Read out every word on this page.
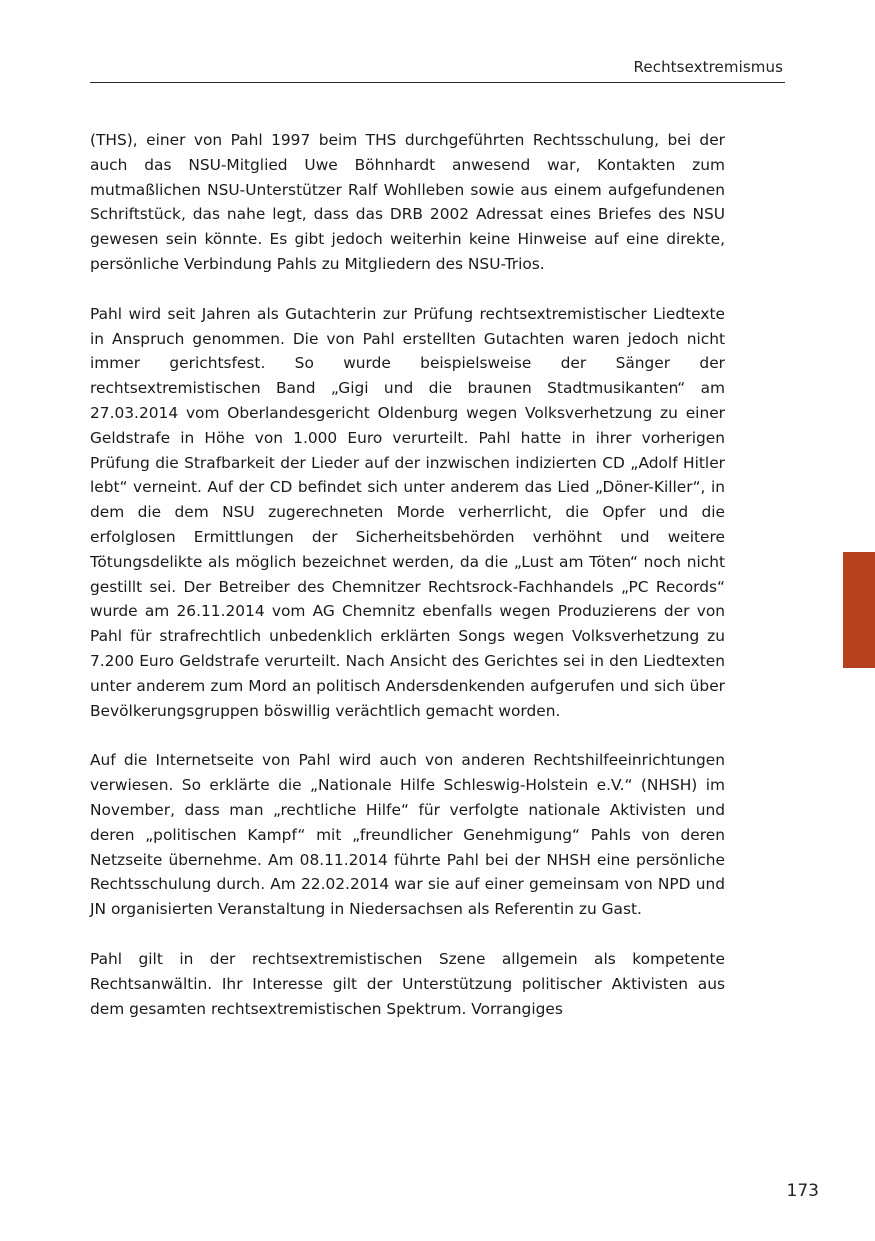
Rechtsextremismus

(THS), einer von Pahl 1997 beim THS durchgeführten Rechtsschulung, bei der auch das NSU-Mitglied Uwe Böhnhardt anwesend war, Kontakten zum mutmaßlichen NSU-Unterstützer Ralf Wohlleben sowie aus einem aufgefundenen Schriftstück, das nahe legt, dass das DRB 2002 Adressat eines Briefes des NSU gewesen sein könnte. Es gibt jedoch weiterhin keine Hinweise auf eine direkte, persönliche Verbindung Pahls zu Mitgliedern des NSU-Trios.

Pahl wird seit Jahren als Gutachterin zur Prüfung rechtsextremistischer Liedtexte in Anspruch genommen. Die von Pahl erstellten Gutachten waren jedoch nicht immer gerichtsfest. So wurde beispielsweise der Sänger der rechtsextremistischen Band „Gigi und die braunen Stadtmusikanten“ am 27.03.2014 vom Oberlandesgericht Oldenburg wegen Volksverhetzung zu einer Geldstrafe in Höhe von 1.000 Euro verurteilt. Pahl hatte in ihrer vorherigen Prüfung die Strafbarkeit der Lieder auf der inzwischen indizierten CD „Adolf Hitler lebt“ verneint. Auf der CD befindet sich unter anderem das Lied „Döner-Killer“, in dem die dem NSU zugerechneten Morde verherrlicht, die Opfer und die erfolglosen Ermittlungen der Sicherheitsbehörden verhöhnt und weitere Tötungsdelikte als möglich bezeichnet werden, da die „Lust am Töten“ noch nicht gestillt sei. Der Betreiber des Chemnitzer Rechtsrock-Fachhandels „PC Records“ wurde am 26.11.2014 vom AG Chemnitz ebenfalls wegen Produzierens der von Pahl für strafrechtlich unbedenklich erklärten Songs wegen Volksverhetzung zu 7.200 Euro Geldstrafe verurteilt. Nach Ansicht des Gerichtes sei in den Liedtexten unter anderem zum Mord an politisch Andersdenkenden aufgerufen und sich über Bevölkerungsgruppen böswillig verächtlich gemacht worden.

Auf die Internetseite von Pahl wird auch von anderen Rechtshilfeeinrichtungen verwiesen. So erklärte die „Nationale Hilfe Schleswig-Holstein e.V.“ (NHSH) im November, dass man „rechtliche Hilfe“ für verfolgte nationale Aktivisten und deren „politischen Kampf“ mit „freundlicher Genehmigung“ Pahls von deren Netzseite übernehme. Am 08.11.2014 führte Pahl bei der NHSH eine persönliche Rechtsschulung durch. Am 22.02.2014 war sie auf einer gemeinsam von NPD und JN organisierten Veranstaltung in Niedersachsen als Referentin zu Gast.

Pahl gilt in der rechtsextremistischen Szene allgemein als kompetente Rechtsanwältin. Ihr Interesse gilt der Unterstützung politischer Aktivisten aus dem gesamten rechtsextremistischen Spektrum. Vorrangiges

173
